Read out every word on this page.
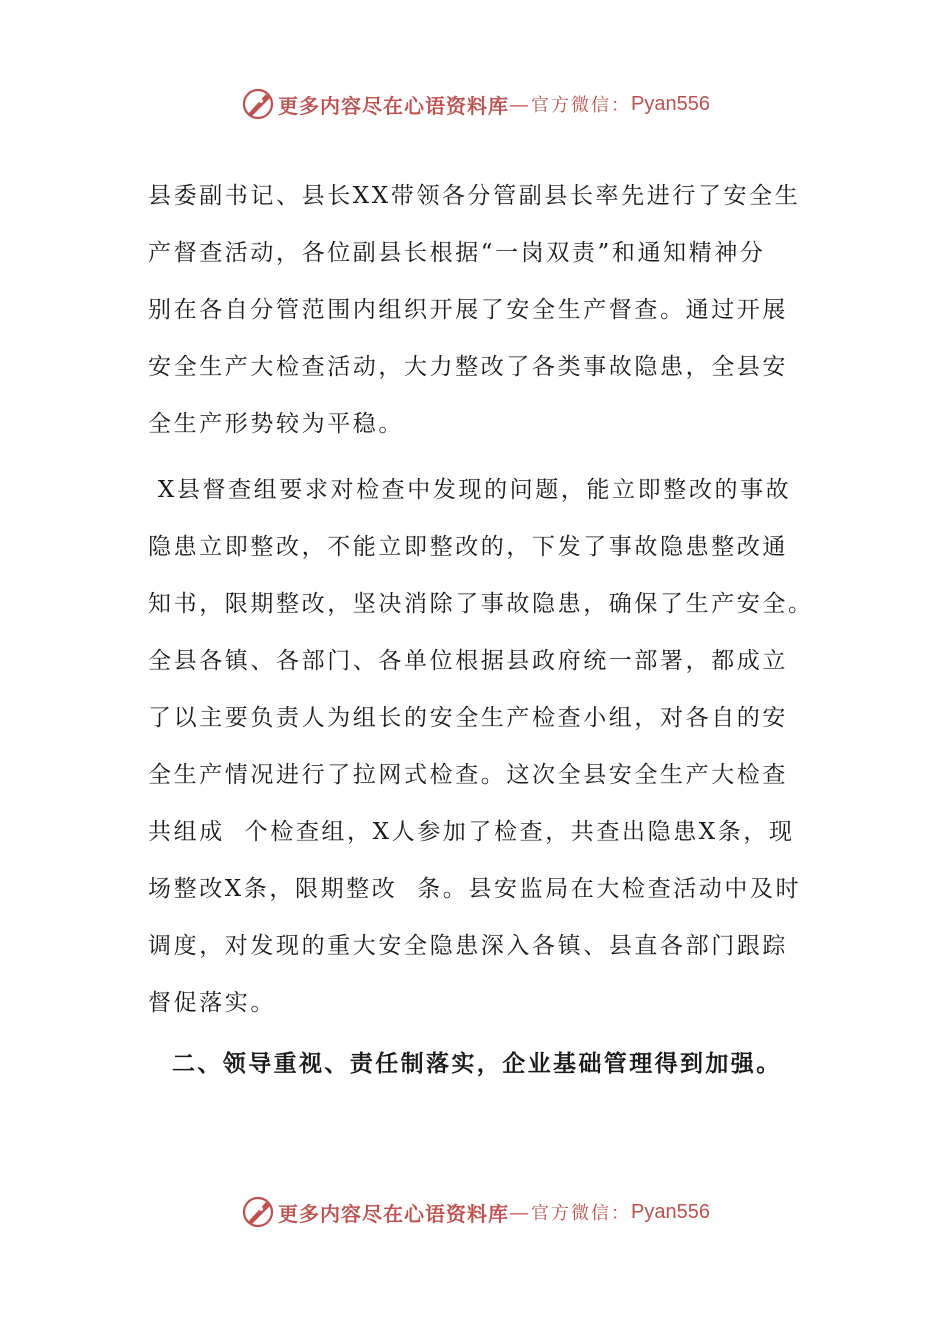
更多内容尽在心语资料库 — 官方微信： Pyan556
县委副书记、县长XX带领各分管副县长率先进行了安全生
产督查活动，各位副县长根据“一岗双责”和通知精神分
别在各自分管范围内组织开展了安全生产督查。通过开展
安全生产大检查活动，大力整改了各类事故隐患，全县安
全生产形势较为平稳。
X县督查组要求对检查中发现的问题，能立即整改的事故
隐患立即整改，不能立即整改的，下发了事故隐患整改通
知书，限期整改，坚决消除了事故隐患，确保了生产安全。
全县各镇、各部门、各单位根据县政府统一部署，都成立
了以主要负责人为组长的安全生产检查小组，对各自的安
全生产情况进行了拉网式检查。这次全县安全生产大检查
共组成  个检查组，X人参加了检查，共查出隐患X条，现
场整改X条，限期整改  条。县安监局在大检查活动中及时
调度，对发现的重大安全隐患深入各镇、县直各部门跟踪
督促落实。
二、领导重视、责任制落实，企业基础管理得到加强。
更多内容尽在心语资料库 — 官方微信： Pyan556
